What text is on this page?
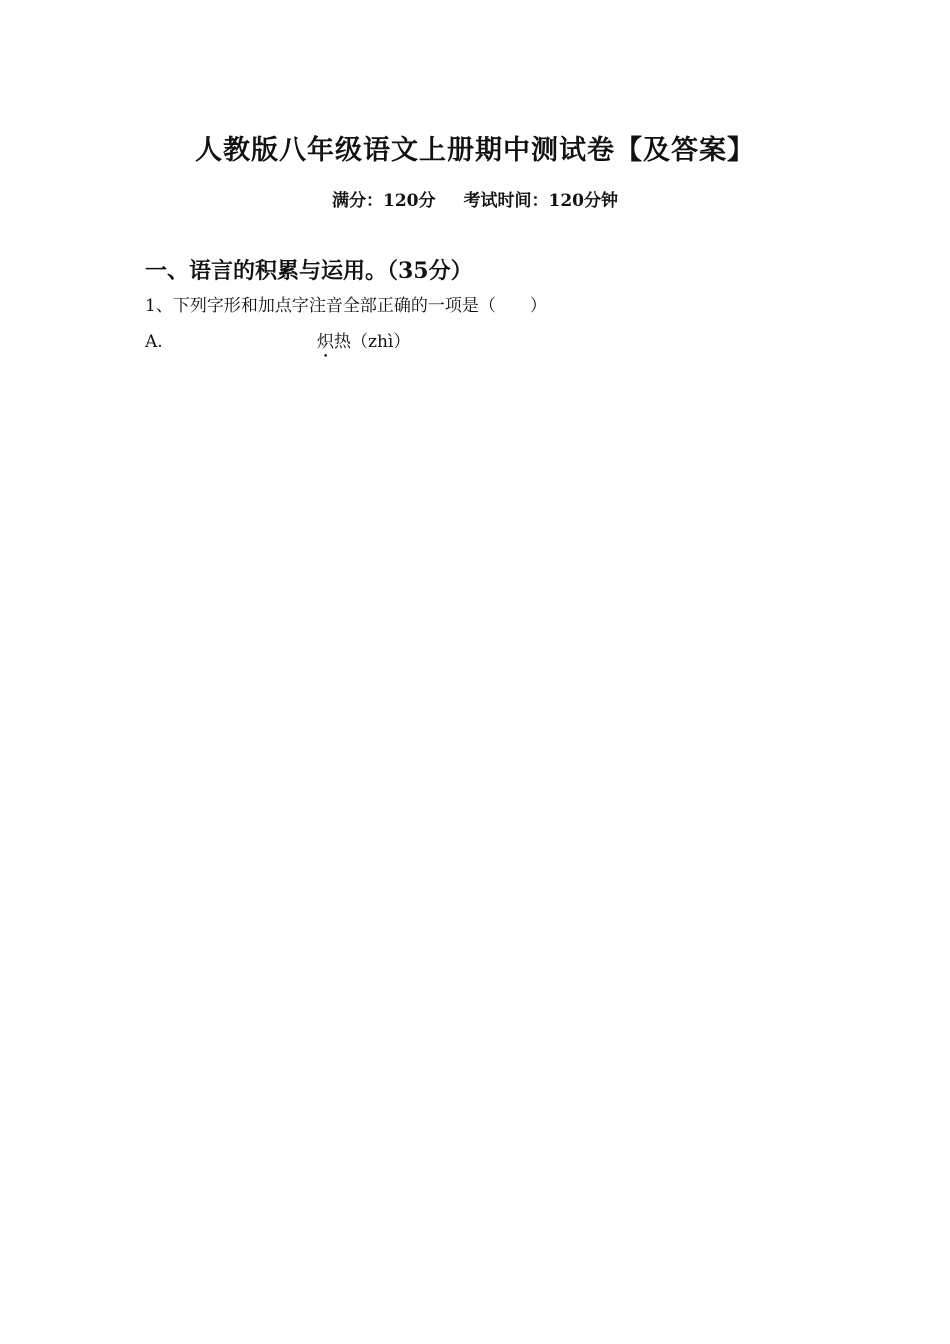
人教版八年级语文上册期中测试卷【及答案】
满分：120分 考试时间：120分钟
一、语言的积累与运用。（35分）
1、下列字形和加点字注音全部正确的一项是（　　）
A.	炽热（zhì）
